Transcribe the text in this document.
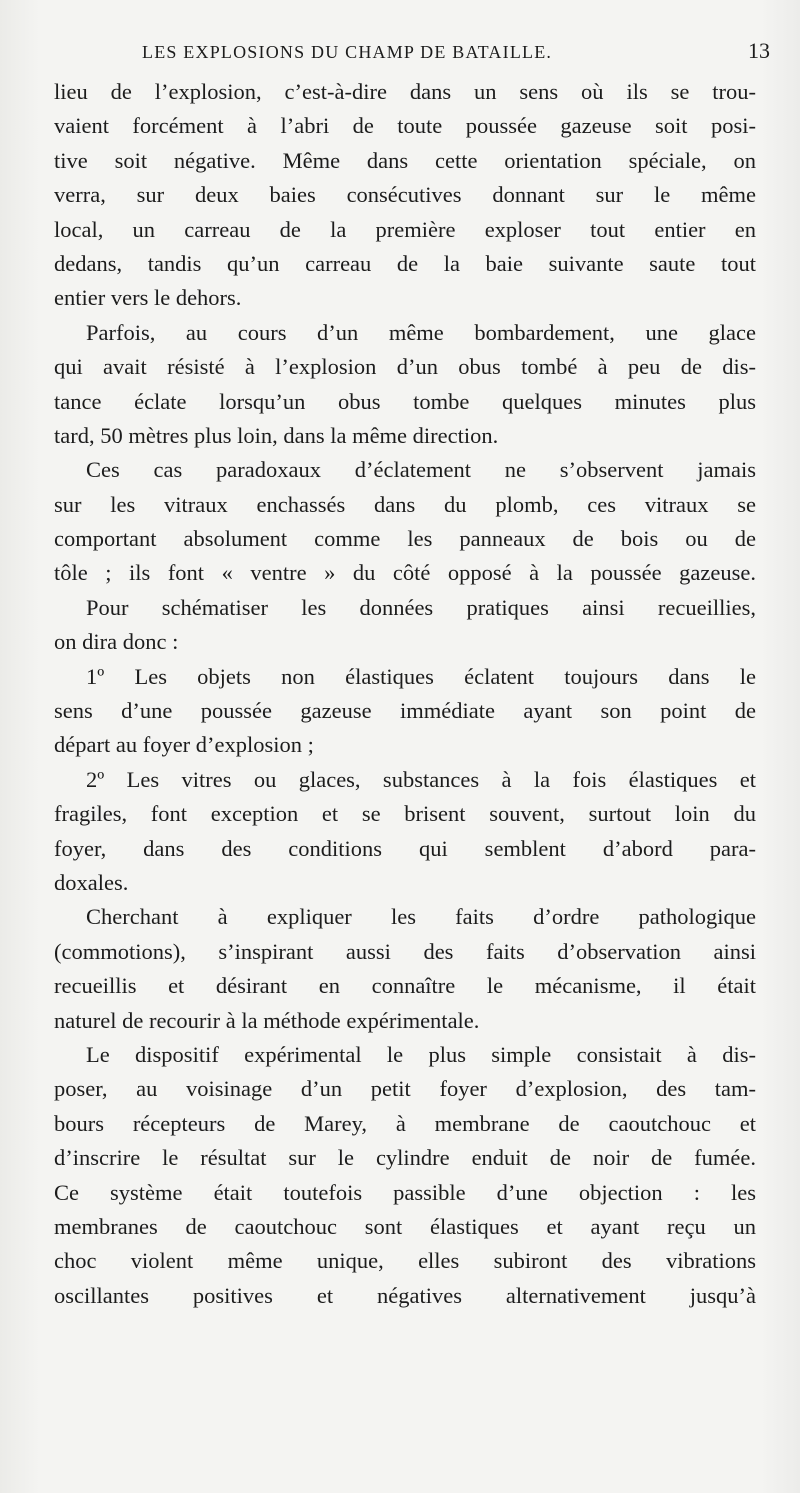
LES EXPLOSIONS DU CHAMP DE BATAILLE.	13
lieu de l’explosion, c’est-à-dire dans un sens où ils se trou-
vaient forcément à l’abri de toute poussée gazeuse soit posi-
tive soit négative. Même dans cette orientation spéciale, on
verra, sur deux baies consécutives donnant sur le même
local, un carreau de la première exploser tout entier en
dedans, tandis qu’un carreau de la baie suivante saute tout
entier vers le dehors.
Parfois, au cours d’un même bombardement, une glace
qui avait résisté à l’explosion d’un obus tombé à peu de dis-
tance éclate lorsqu’un obus tombe quelques minutes plus
tard, 50 mètres plus loin, dans la même direction.
Ces cas paradoxaux d’éclatement ne s’observent jamais
sur les vitraux enchassés dans du plomb, ces vitraux se
comportant absolument comme les panneaux de bois ou de
tôle ; ils font « ventre » du côté opposé à la poussée gazeuse.
Pour schématiser les données pratiques ainsi recueillies,
on dira donc :
1º Les objets non élastiques éclatent toujours dans le
sens d’une poussée gazeuse immédiate ayant son point de
départ au foyer d’explosion ;
2º Les vitres ou glaces, substances à la fois élastiques et
fragiles, font exception et se brisent souvent, surtout loin du
foyer, dans des conditions qui semblent d’abord para-
doxales.
Cherchant à expliquer les faits d’ordre pathologique
(commotions), s’inspirant aussi des faits d’observation ainsi
recueillis et désirant en connaître le mécanisme, il était
naturel de recourir à la méthode expérimentale.
Le dispositif expérimental le plus simple consistait à dis-
poser, au voisinage d’un petit foyer d’explosion, des tam-
bours récepteurs de Marey, à membrane de caoutchouc et
d’inscrire le résultat sur le cylindre enduit de noir de fumée.
Ce système était toutefois passible d’une objection : les
membranes de caoutchouc sont élastiques et ayant reçu un
choc violent même unique, elles subiront des vibrations
oscillantes positives et négatives alternativement jusqu’à
